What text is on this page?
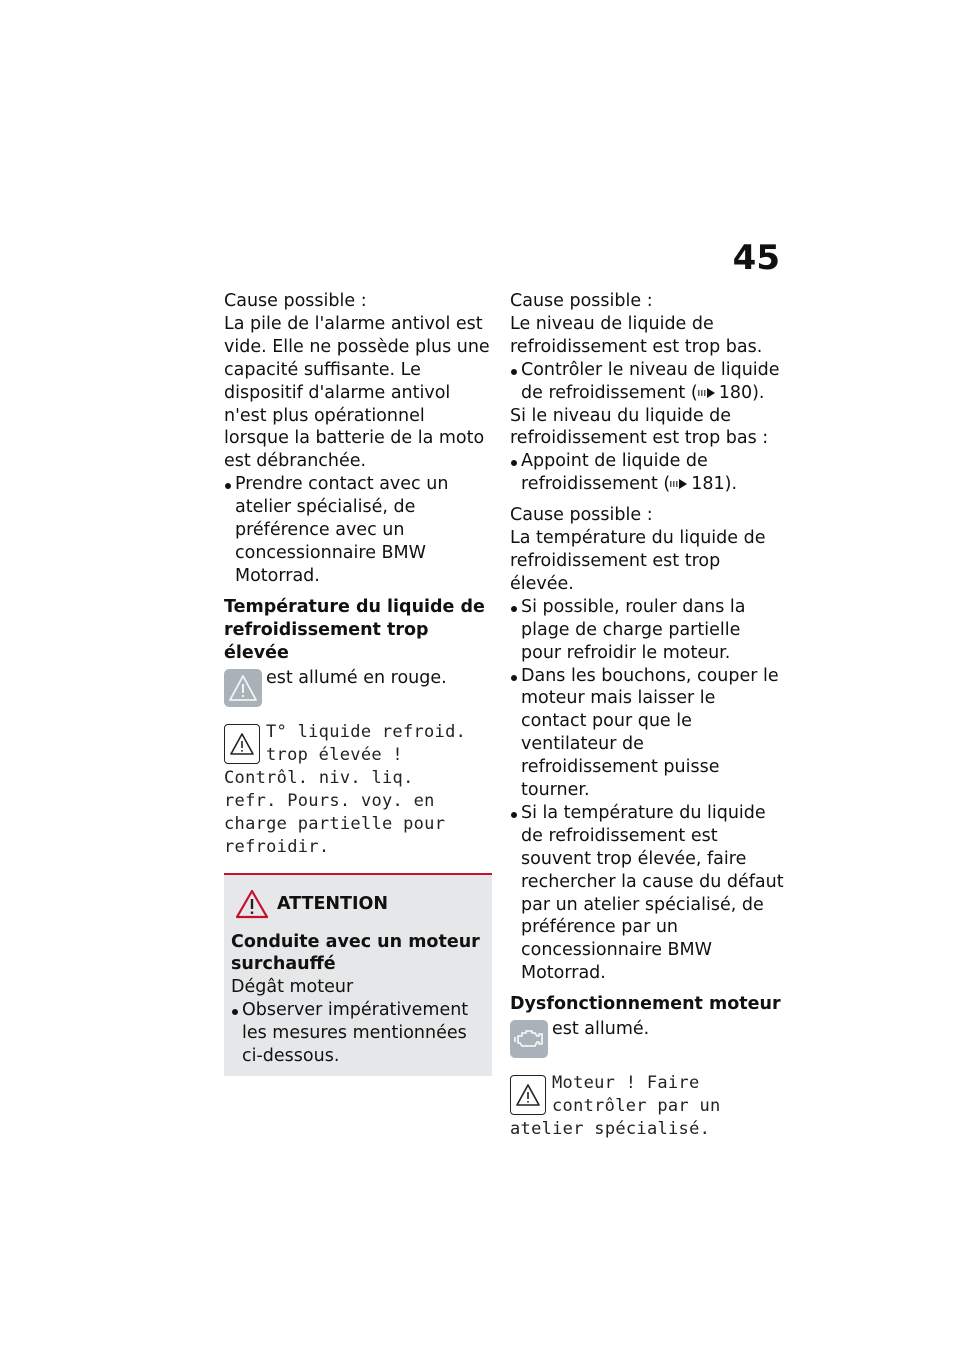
45
Cause possible :
La pile de l'alarme antivol est vide. Elle ne possède plus une capacité suffisante. Le dispositif d'alarme antivol n'est plus opérationnel lorsque la batterie de la moto est débranchée.
Prendre contact avec un atelier spécialisé, de préférence avec un concessionnaire BMW Motorrad.
Température du liquide de refroidissement trop élevée
est allumé en rouge.
T° liquide refroid.
trop élevée !
Contrôl. niv. liq. refr. Pours. voy. en charge partielle pour refroidir.
ATTENTION
Conduite avec un moteur surchauffé
Dégât moteur
Observer impérativement les mesures mentionnées ci-dessous.
Cause possible :
Le niveau de liquide de refroidissement est trop bas.
Contrôler le niveau de liquide de refroidissement ( 180).
Si le niveau du liquide de refroidissement est trop bas :
Appoint de liquide de refroidissement ( 181).
Cause possible :
La température du liquide de refroidissement est trop élevée.
Si possible, rouler dans la plage de charge partielle pour refroidir le moteur.
Dans les bouchons, couper le moteur mais laisser le contact pour que le ventilateur de refroidissement puisse tourner.
Si la température du liquide de refroidissement est souvent trop élevée, faire rechercher la cause du défaut par un atelier spécialisé, de préférence par un concessionnaire BMW Motorrad.
Dysfonctionnement moteur
est allumé.
Moteur ! Faire
contrôler par un
atelier spécialisé.
